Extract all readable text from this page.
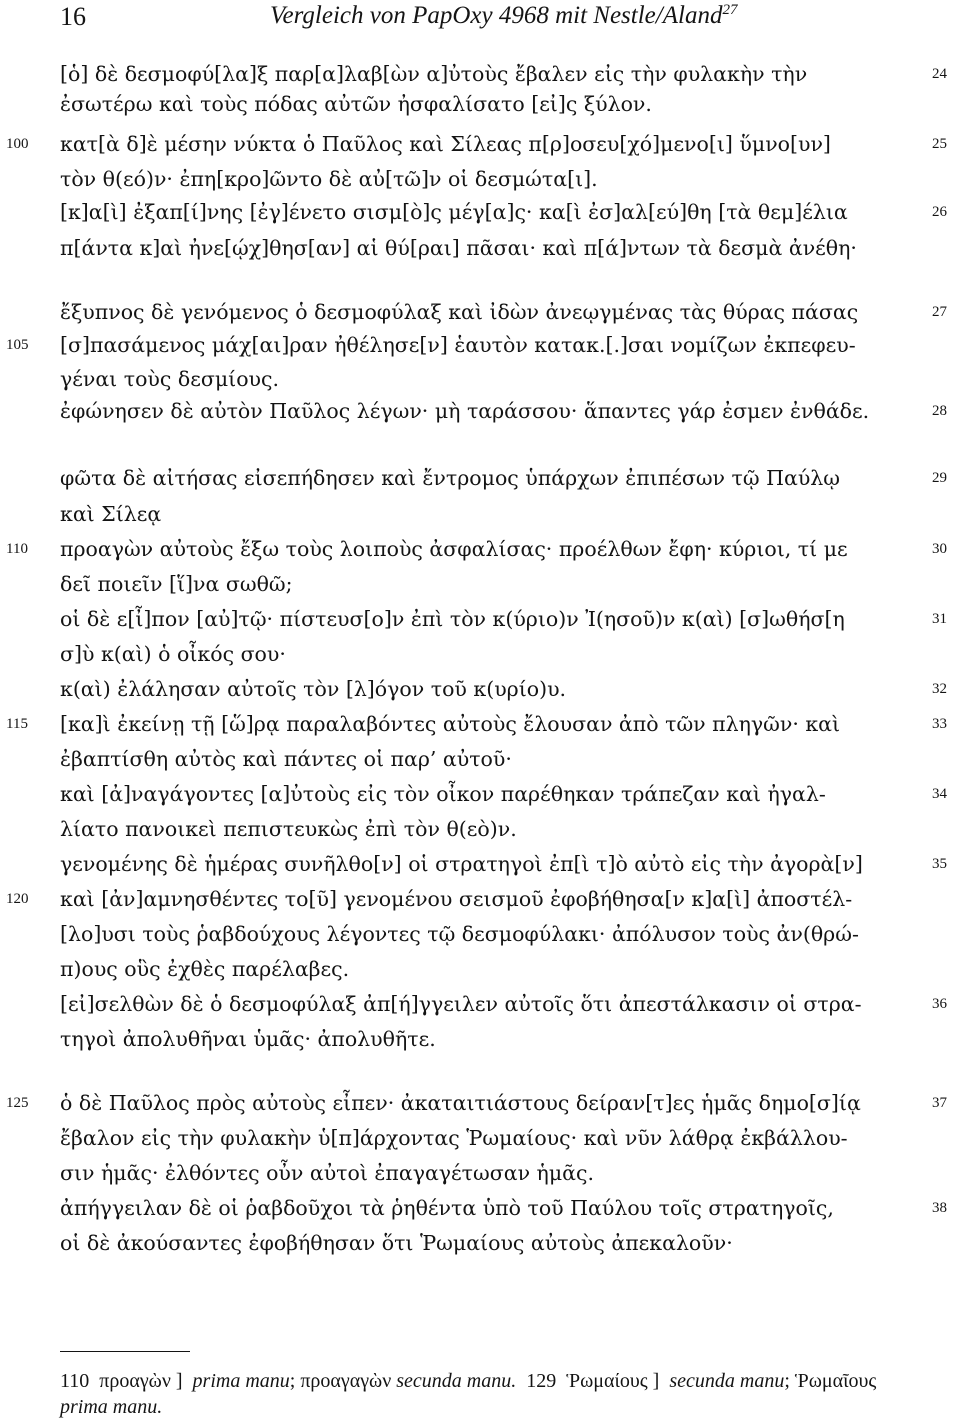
16	Vergleich von PapOxy 4968 mit Nestle/Aland$^{27}$
[ὁ] δὲ δεσμοφύ[λα]ξ παρ[α]λαβ[ὼν α]ὐτοὺς ἔβαλεν εἰς τὴν φυλακὴν τὴν
ἐσωτέρω καὶ τοὺς πόδας αὐτῶν ἠσφαλίσατο [εἰ]ς ξύλον.
κατ[ὰ δ]ὲ μέσην νύκτα ὁ Παῦλος καὶ Σίλεας π[ρ]οσευ[χό]μενο[ι] ὕμνο[υν]
τὸν θ(εό)ν· ἐπη[κρο]ῶντο δὲ αὐ[τῶ]ν οἱ δεσμώτα[ι].
[κ]α[ὶ] ἐξαπ[ί]νης [ἐγ]ένετο σισμ[ὸ]ς μέγ[α]ς· κα[ὶ ἐσ]αλ[εύ]θη [τὰ θεμ]έλια
π[άντα κ]αὶ ἠνε[ῴχ]θησ[αν] αἱ θύ[ραι] πᾶσαι· καὶ π[ά]ντων τὰ δεσμὰ ἀνέθη·
ἔξυπνος δὲ γενόμενος ὁ δεσμοφύλαξ καὶ ἰδὼν ἀνεῳγμένας τὰς θύρας πάσας
[σ]πασάμενος μάχ[αι]ραν ἠθέλησε[ν] ἑαυτὸν κατακ.[.]σαι νομίζων ἐκπεφευ-
γέναι τοὺς δεσμίους.
ἐφώνησεν δὲ αὐτὸν Παῦλος λέγων· μὴ ταράσσου· ἅπαντες γάρ ἐσμεν ἐνθάδε.
φῶτα δὲ αἰτήσας εἰσεπήδησεν καὶ ἔντρομος ὑπάρχων ἐπιπέσων τῷ Παύλῳ
καὶ Σίλεᾳ
προαγὼν αὐτοὺς ἔξω τοὺς λοιποὺς ἀσφαλίσας· προέλθων ἔφη· κύριοι, τί με
δεῖ ποιεῖν [ἵ]να σωθῶ;
οἱ δὲ ε[ἶ]πον [αὐ]τῷ· πίστευσ[ο]ν ἐπὶ τὸν κ(ύριο)ν Ἰ(ησοῦ)ν κ(αὶ) [σ]ωθήσ[η
σ]ὺ κ(αὶ) ὁ οἶκός σου·
κ(αὶ) ἐλάλησαν αὐτοῖς τὸν [λ]όγον τοῦ κ(υρίο)υ.
[κα]ὶ ἐκείνῃ τῇ [ὥ]ρᾳ παραλαβόντες αὐτοὺς ἔλουσαν ἀπὸ τῶν πληγῶν· καὶ
ἐβαπτίσθη αὐτὸς καὶ πάντες οἱ παρ’ αὐτοῦ·
καὶ [ἀ]ναγάγοντες [α]ὐτοὺς εἰς τὸν οἶκον παρέθηκαν τράπεζαν καὶ ἠγαλ-
λίατο πανοικεὶ πεπιστευκὼς ἐπὶ τὸν θ(εὸ)ν.
γενομένης δὲ ἡμέρας συνῆλθο[ν] οἱ στρατηγοὶ ἐπ[ὶ τ]ὸ αὐτὸ εἰς τὴν ἀγορὰ[ν]
καὶ [ἀν]αμνησθέντες το[ῦ] γενομένου σεισμοῦ ἐφοβήθησα[ν κ]α[ὶ] ἀποστέλ-
[λο]υσι τοὺς ῥαβδούχους λέγοντες τῷ δεσμοφύλακι· ἀπόλυσον τοὺς ἀν(θρώ-
π)ους οὓς ἐχθὲς παρέλαβες.
[εἰ]σελθὼν δὲ ὁ δεσμοφύλαξ ἀπ[ή]γγειλεν αὐτοῖς ὅτι ἀπεστάλκασιν οἱ στρα-
τηγοὶ ἀπολυθῆναι ὑμᾶς· ἀπολυθῆτε.
ὁ δὲ Παῦλος πρὸς αὐτοὺς εἶπεν· ἀκαταιτιάστους δείραν[τ]ες ἡμᾶς δημο[σ]ίᾳ
ἔβαλον εἰς τὴν φυλακὴν ὑ[π]άρχοντας Ῥωμαίους· καὶ νῦν λάθρᾳ ἐκβάλλου-
σιν ἡμᾶς· ἐλθόντες οὖν αὐτοὶ ἐπαγαγέτωσαν ἡμᾶς.
ἀπήγγειλαν δὲ οἱ ῥαβδοῦχοι τὰ ῥηθέντα ὑπὸ τοῦ Παύλου τοῖς στρατηγοῖς,
οἱ δὲ ἀκούσαντες ἐφοβήθησαν ὅτι Ῥωμαίους αὐτοὺς ἀπεκαλοῦν·
100
105
110
115
120
125
24
25
26
27
28
29
30
31
32
33
34
35
36
37
38
110  προαγὼν ]  prima manu; προαγαγὼν secunda manu.  129  Ῥωμαίους ]  secunda manu; Ῥωμαῖους
prima manu.
